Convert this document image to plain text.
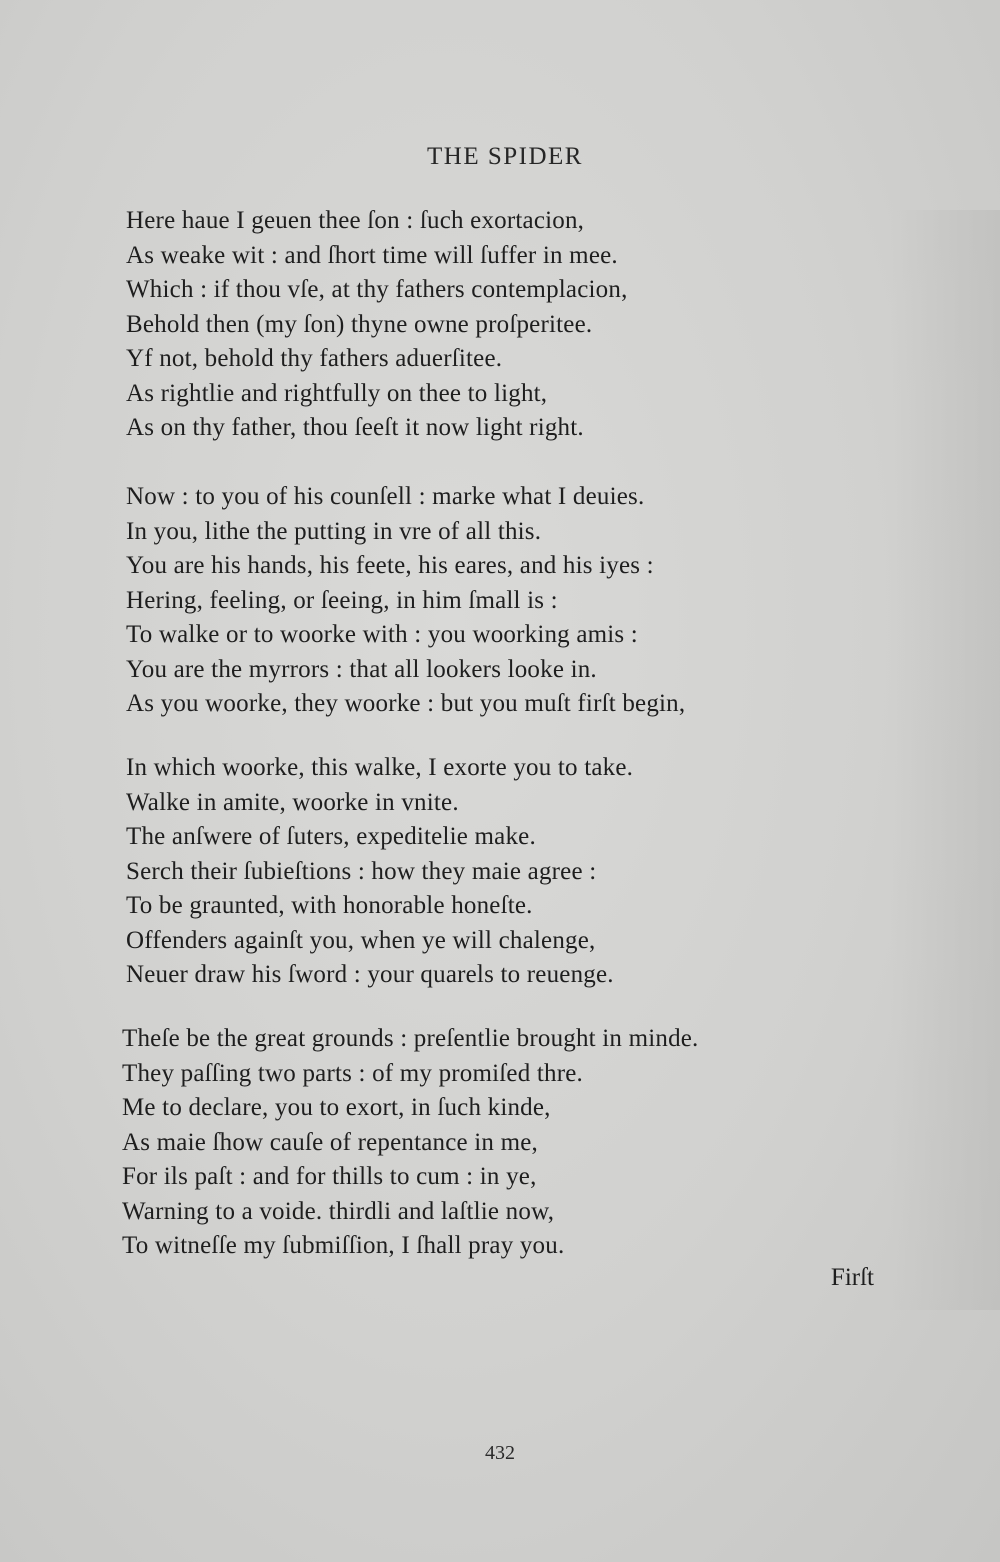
THE SPIDER
Here haue I geuen thee ſon : ſuch exortacion,
As weake wit : and ſhort time will ſuffer in mee.
Which : if thou vſe, at thy fathers contemplacion,
Behold then (my ſon) thyne owne proſperitee.
Yf not, behold thy fathers aduerſitee.
As rightlie and rightfully on thee to light,
As on thy father, thou ſeeſt it now light right.
Now : to you of his counſell : marke what I deuies.
In you, lithe the putting in vre of all this.
You are his hands, his feete, his eares, and his iyes :
Hering, feeling, or ſeeing, in him ſmall is :
To walke or to woorke with : you woorking amis :
You are the myrrors : that all lookers looke in.
As you woorke, they woorke : but you muſt firſt begin,
In which woorke, this walke, I exorte you to take.
Walke in amite, woorke in vnite.
The anſwere of ſuters, expeditelie make.
Serch their ſubieſtions : how they maie agree :
To be graunted, with honorable honeſte.
Offenders againſt you, when ye will chalenge,
Neuer draw his ſword : your quarels to reuenge.
Theſe be the great grounds : preſentlie brought in minde.
They paſſing two parts : of my promiſed thre.
Me to declare, you to exort, in ſuch kinde,
As maie ſhow cauſe of repentance in me,
For ils paſt : and for thills to cum : in ye,
Warning to a voide. thirdli and laſtlie now,
To witneſſe my ſubmiſſion, I ſhall pray you.
Firſt
432
